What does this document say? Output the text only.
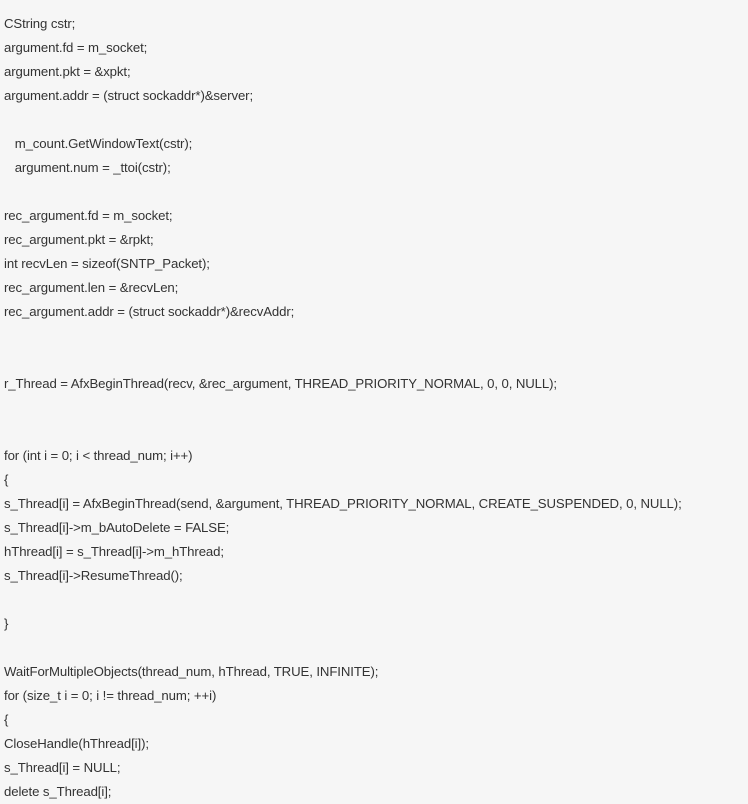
CString cstr;
argument.fd = m_socket;
argument.pkt = &xpkt;
argument.addr = (struct sockaddr*)&server;
m_count.GetWindowText(cstr);
argument.num = _ttoi(cstr);
rec_argument.fd = m_socket;
rec_argument.pkt = &rpkt;
int recvLen = sizeof(SNTP_Packet);
rec_argument.len = &recvLen;
rec_argument.addr = (struct sockaddr*)&recvAddr;
r_Thread = AfxBeginThread(recv, &rec_argument, THREAD_PRIORITY_NORMAL, 0, 0, NULL);
for (int i = 0; i < thread_num; i++)
{
s_Thread[i] = AfxBeginThread(send, &argument, THREAD_PRIORITY_NORMAL, CREATE_SUSPENDED, 0, NULL);
s_Thread[i]->m_bAutoDelete = FALSE;
hThread[i] = s_Thread[i]->m_hThread;
s_Thread[i]->ResumeThread();
}
WaitForMultipleObjects(thread_num, hThread, TRUE, INFINITE);
for (size_t i = 0; i != thread_num; ++i)
{
CloseHandle(hThread[i]);
s_Thread[i] = NULL;
delete s_Thread[i];
